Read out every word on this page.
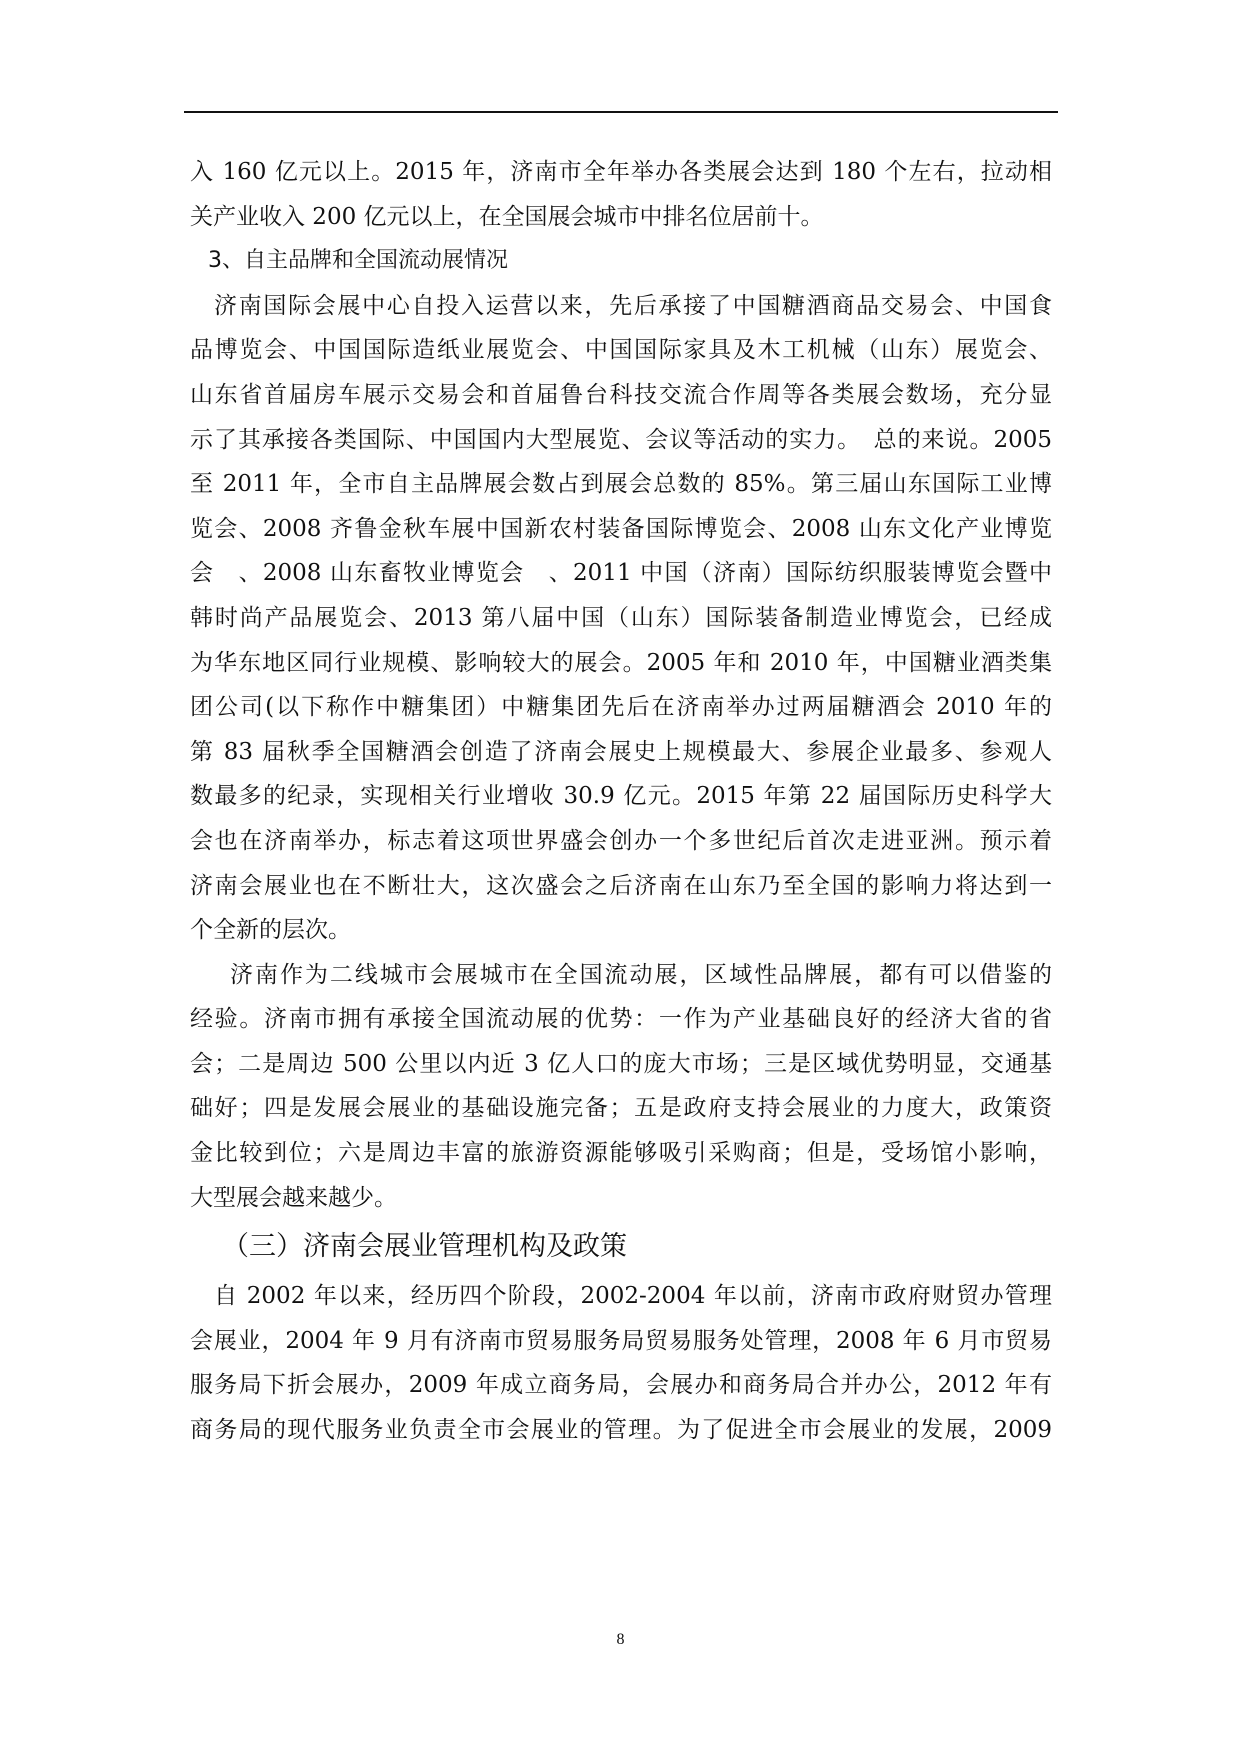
入 160 亿元以上。2015 年，济南市全年举办各类展会达到 180 个左右，拉动相
关产业收入 200 亿元以上，在全国展会城市中排名位居前十。
3、自主品牌和全国流动展情况
济南国际会展中心自投入运营以来，先后承接了中国糖酒商品交易会、中国食
品博览会、中国国际造纸业展览会、中国国际家具及木工机械（山东）展览会、
山东省首届房车展示交易会和首届鲁台科技交流合作周等各类展会数场，充分显
示了其承接各类国际、中国国内大型展览、会议等活动的实力。　总的来说。2005
至 2011 年，全市自主品牌展会数占到展会总数的 85%。第三届山东国际工业博
览会、2008 齐鲁金秋车展中国新农村装备国际博览会、2008 山东文化产业博览
会　、2008 山东畜牧业博览会　、2011 中国（济南）国际纺织服装博览会暨中
韩时尚产品展览会、2013 第八届中国（山东）国际装备制造业博览会，已经成
为华东地区同行业规模、影响较大的展会。2005 年和 2010 年，中国糖业酒类集
团公司(以下称作中糖集团）中糖集团先后在济南举办过两届糖酒会 2010 年的
第 83 届秋季全国糖酒会创造了济南会展史上规模最大、参展企业最多、参观人
数最多的纪录，实现相关行业增收 30.9 亿元。2015 年第 22 届国际历史科学大
会也在济南举办，标志着这项世界盛会创办一个多世纪后首次走进亚洲。预示着
济南会展业也在不断壮大，这次盛会之后济南在山东乃至全国的影响力将达到一
个全新的层次。
济南作为二线城市会展城市在全国流动展，区域性品牌展，都有可以借鉴的
经验。济南市拥有承接全国流动展的优势：一作为产业基础良好的经济大省的省
会；二是周边 500 公里以内近 3 亿人口的庞大市场；三是区域优势明显，交通基
础好；四是发展会展业的基础设施完备；五是政府支持会展业的力度大，政策资
金比较到位；六是周边丰富的旅游资源能够吸引采购商；但是，受场馆小影响，
大型展会越来越少。
（三）济南会展业管理机构及政策
自 2002 年以来，经历四个阶段，2002-2004 年以前，济南市政府财贸办管理
会展业，2004 年 9 月有济南市贸易服务局贸易服务处管理，2008 年 6 月市贸易
服务局下折会展办，2009 年成立商务局，会展办和商务局合并办公，2012 年有
商务局的现代服务业负责全市会展业的管理。为了促进全市会展业的发展，2009
8
